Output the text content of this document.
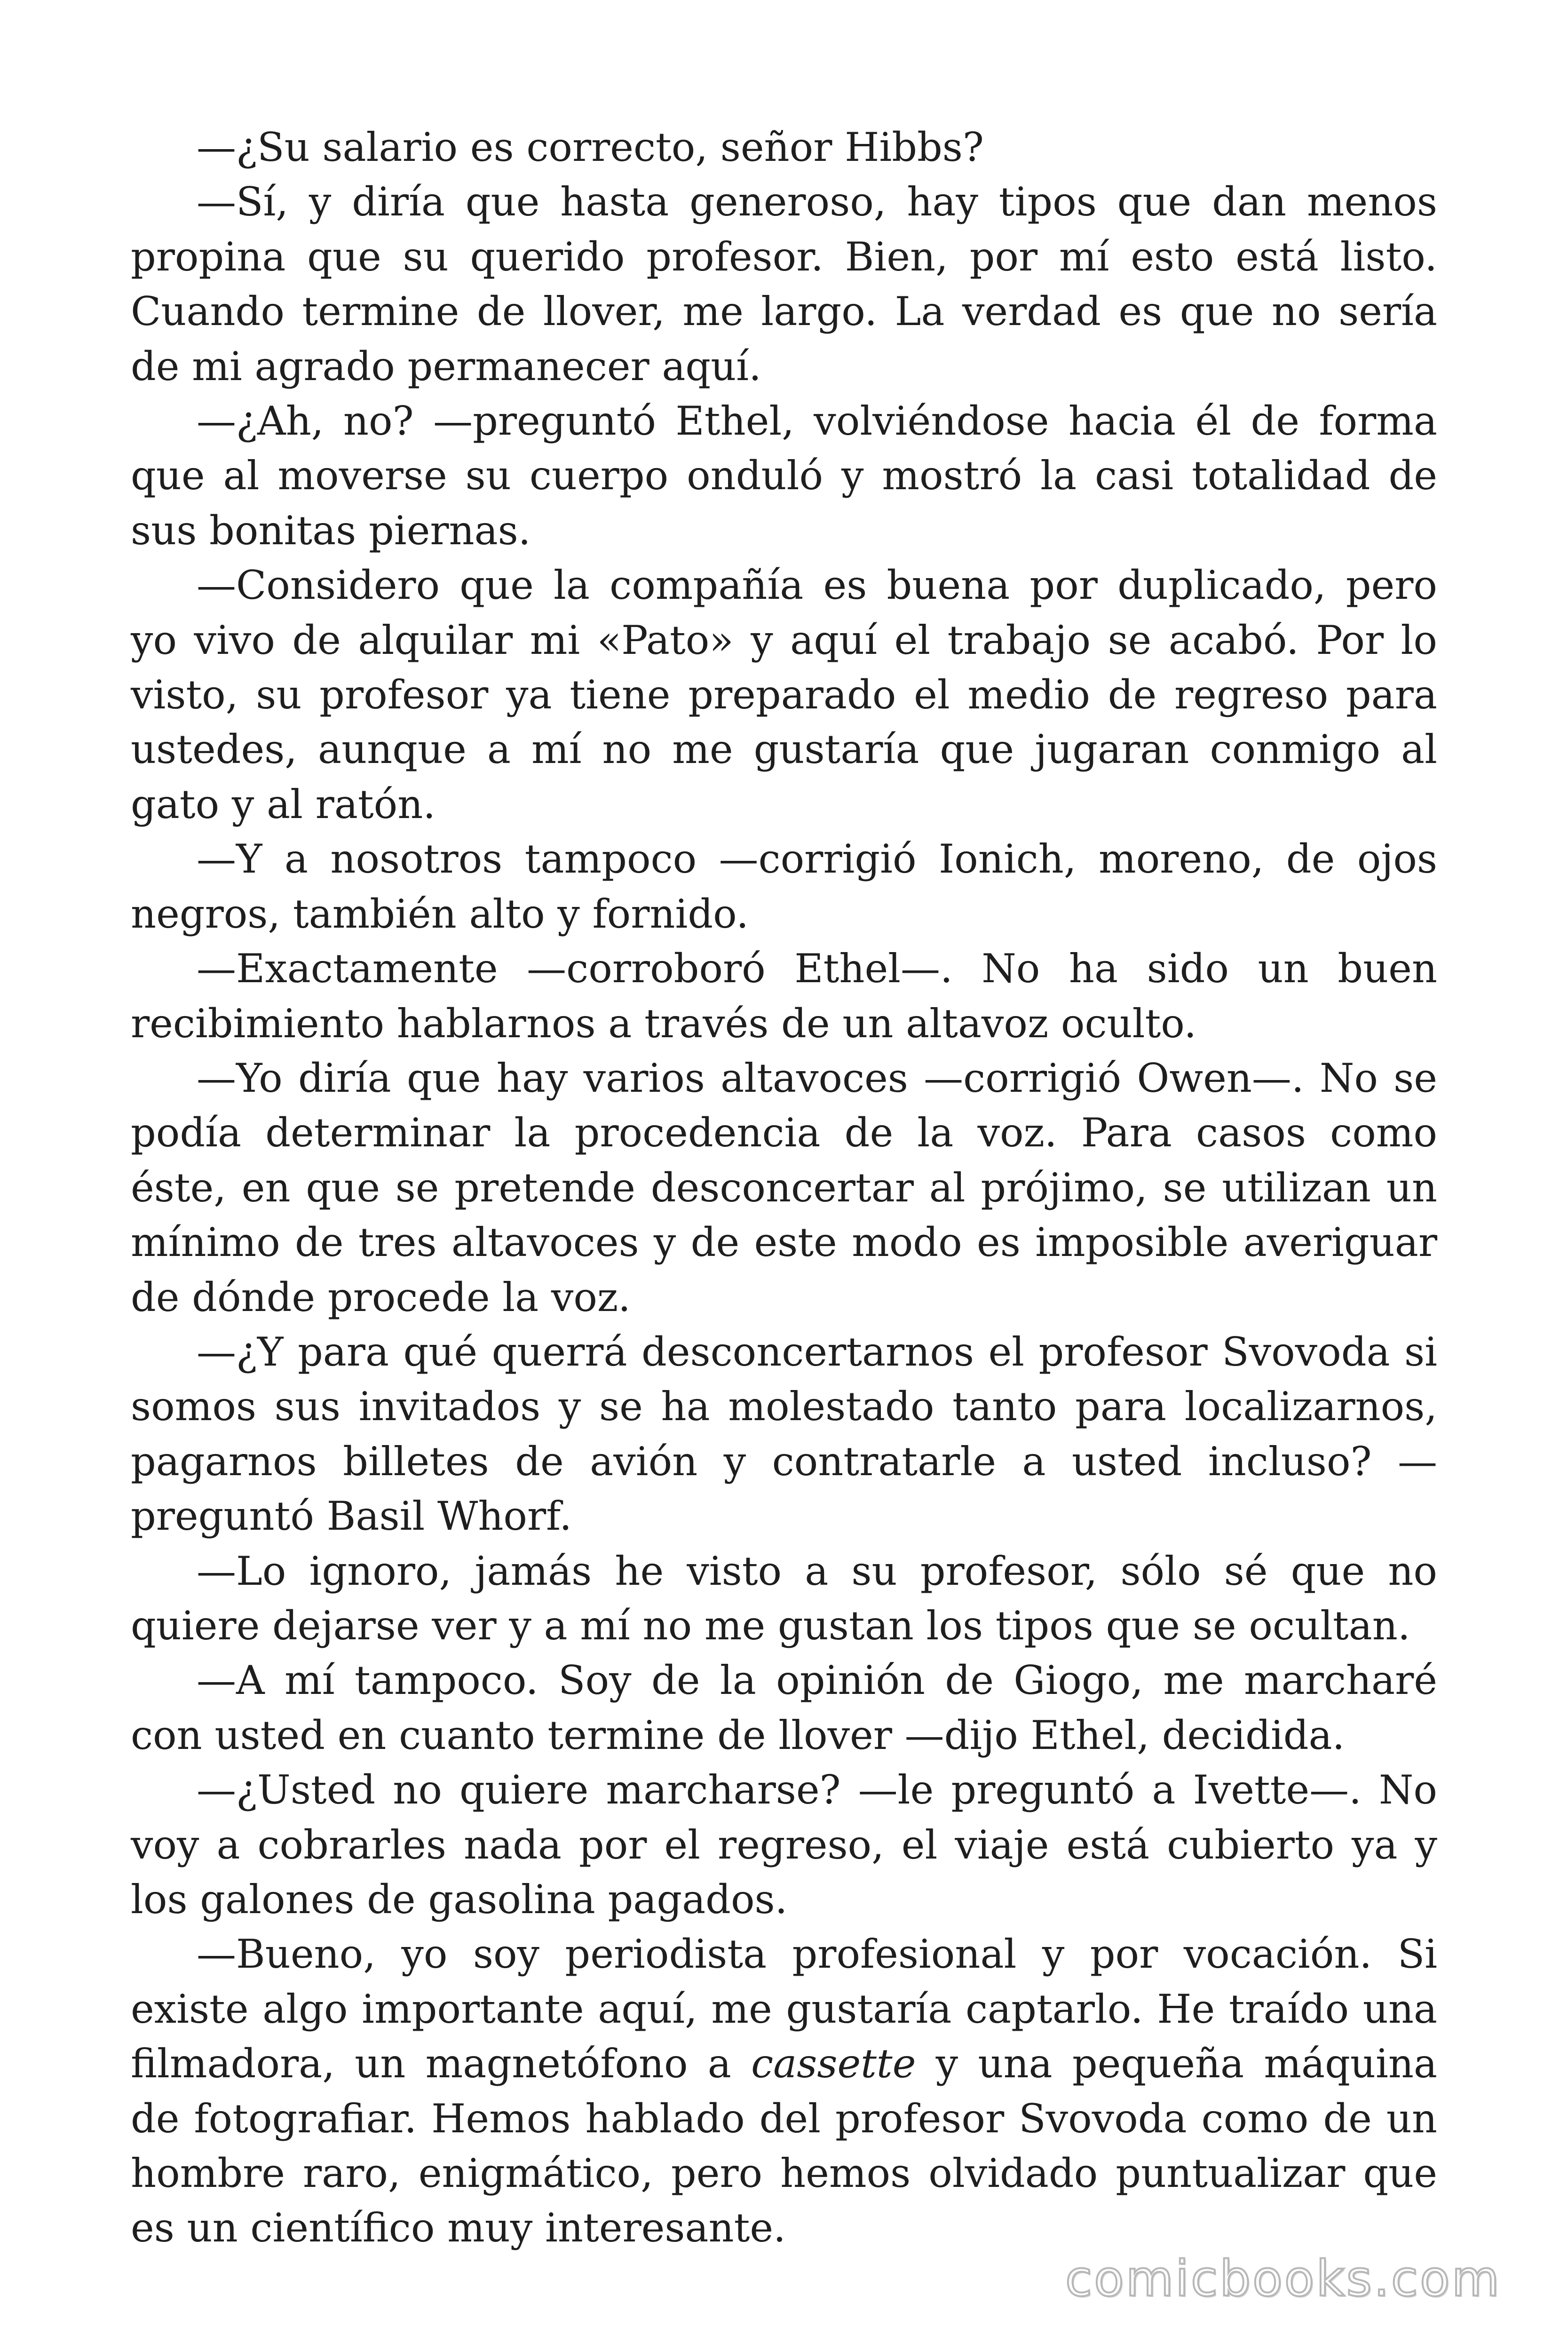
—¿Su salario es correcto, señor Hibbs?

—Sí, y diría que hasta generoso, hay tipos que dan menos propina que su querido profesor. Bien, por mí esto está listo. Cuando termine de llover, me largo. La verdad es que no sería de mi agrado permanecer aquí.

—¿Ah, no? —preguntó Ethel, volviéndose hacia él de forma que al moverse su cuerpo onduló y mostró la casi totalidad de sus bonitas piernas.

—Considero que la compañía es buena por duplicado, pero yo vivo de alquilar mi «Pato» y aquí el trabajo se acabó. Por lo visto, su profesor ya tiene preparado el medio de regreso para ustedes, aunque a mí no me gustaría que jugaran conmigo al gato y al ratón.

—Y a nosotros tampoco —corrigió Ionich, moreno, de ojos negros, también alto y fornido.

—Exactamente —corroboró Ethel—. No ha sido un buen recibimiento hablarnos a través de un altavoz oculto.

—Yo diría que hay varios altavoces —corrigió Owen—. No se podía determinar la procedencia de la voz. Para casos como éste, en que se pretende desconcertar al prójimo, se utilizan un mínimo de tres altavoces y de este modo es imposible averiguar de dónde procede la voz.

—¿Y para qué querrá desconcertarnos el profesor Svovoda si somos sus invitados y se ha molestado tanto para localizarnos, pagarnos billetes de avión y contratarle a usted incluso? —preguntó Basil Whorf.

—Lo ignoro, jamás he visto a su profesor, sólo sé que no quiere dejarse ver y a mí no me gustan los tipos que se ocultan.

—A mí tampoco. Soy de la opinión de Giogo, me marcharé con usted en cuanto termine de llover —dijo Ethel, decidida.

—¿Usted no quiere marcharse? —le preguntó a Ivette—. No voy a cobrarles nada por el regreso, el viaje está cubierto ya y los galones de gasolina pagados.

—Bueno, yo soy periodista profesional y por vocación. Si existe algo importante aquí, me gustaría captarlo. He traído una filmadora, un magnetófono a cassette y una pequeña máquina de fotografiar. Hemos hablado del profesor Svovoda como de un hombre raro, enigmático, pero hemos olvidado puntualizar que es un científico muy interesante.

comicbooks.com
